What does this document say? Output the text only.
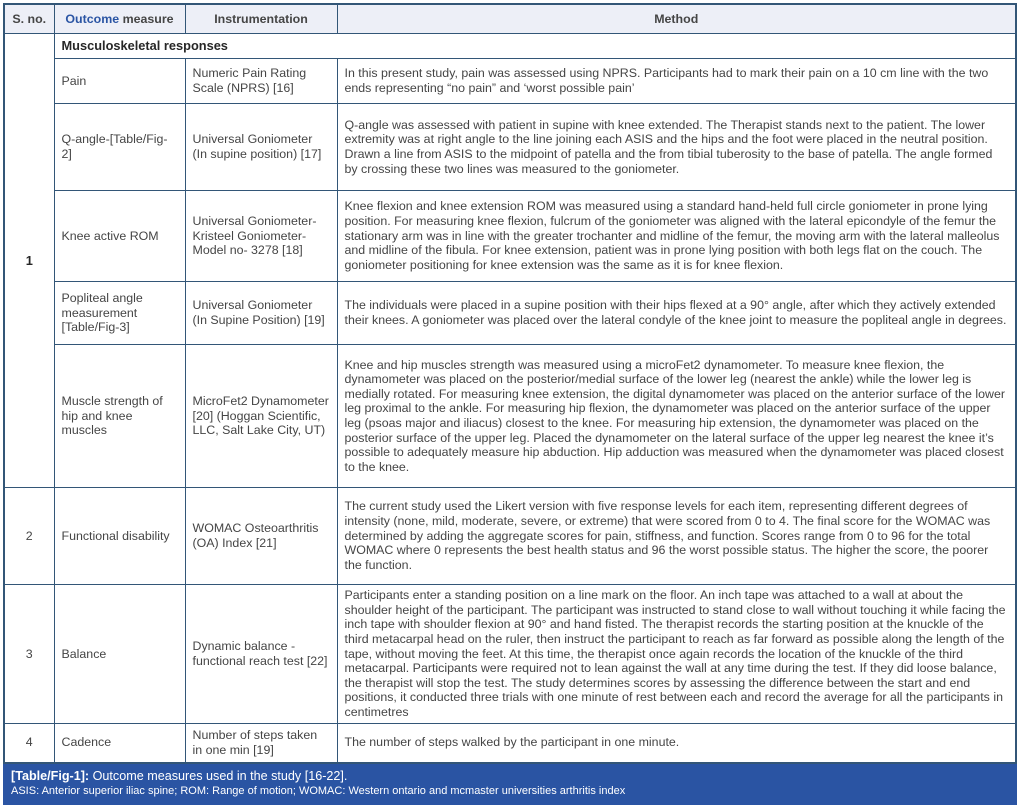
S. no.	Outcome measure	Instrumentation	Method
1	Musculoskeletal responses		
	Pain	Numeric Pain Rating Scale (NPRS) [16]	In this present study, pain was assessed using NPRS. Participants had to mark their pain on a 10 cm line with the two ends representing “no pain” and ‘worst possible pain’
	Q-angle-[Table/Fig-2]	Universal Goniometer (In supine position) [17]	Q-angle was assessed with patient in supine with knee extended. The Therapist stands next to the patient. The lower extremity was at right angle to the line joining each ASIS and the hips and the foot were placed in the neutral position. Drawn a line from ASIS to the midpoint of patella and the from tibial tuberosity to the base of patella. The angle formed by crossing these two lines was measured to the goniometer.
	Knee active ROM	Universal Goniometer- Kristeel Goniometer- Model no- 3278 [18]	Knee flexion and knee extension ROM was measured using a standard hand-held full circle goniometer in prone lying position. For measuring knee flexion, fulcrum of the goniometer was aligned with the lateral epicondyle of the femur the stationary arm was in line with the greater trochanter and midline of the femur, the moving arm with the lateral malleolus and midline of the fibula. For knee extension, patient was in prone lying position with both legs flat on the couch. The goniometer positioning for knee extension was the same as it is for knee flexion.
	Popliteal angle measurement [Table/Fig-3]	Universal Goniometer (In Supine Position) [19]	The individuals were placed in a supine position with their hips flexed at a 90° angle, after which they actively extended their knees. A goniometer was placed over the lateral condyle of the knee joint to measure the popliteal angle in degrees.
	Muscle strength of hip and knee muscles	MicroFet2 Dynamometer [20] (Hoggan Scientific, LLC, Salt Lake City, UT)	Knee and hip muscles strength was measured using a microFet2 dynamometer. To measure knee flexion, the dynamometer was placed on the posterior/medial surface of the lower leg (nearest the ankle) while the lower leg is medially rotated. For measuring knee extension, the digital dynamometer was placed on the anterior surface of the lower leg proximal to the ankle. For measuring hip flexion, the dynamometer was placed on the anterior surface of the upper leg (psoas major and iliacus) closest to the knee. For measuring hip extension, the dynamometer was placed on the posterior surface of the upper leg. Placed the dynamometer on the lateral surface of the upper leg nearest the knee it’s possible to adequately measure hip abduction. Hip adduction was measured when the dynamometer was placed closest to the knee.
2	Functional disability	WOMAC Osteoarthritis (OA) Index [21]	The current study used the Likert version with five response levels for each item, representing different degrees of intensity (none, mild, moderate, severe, or extreme) that were scored from 0 to 4. The final score for the WOMAC was determined by adding the aggregate scores for pain, stiffness, and function. Scores range from 0 to 96 for the total WOMAC where 0 represents the best health status and 96 the worst possible status. The higher the score, the poorer the function.
3	Balance	Dynamic balance -functional reach test [22]	Participants enter a standing position on a line mark on the floor. An inch tape was attached to a wall at about the shoulder height of the participant. The participant was instructed to stand close to wall without touching it while facing the inch tape with shoulder flexion at 90° and hand fisted. The therapist records the starting position at the knuckle of the third metacarpal head on the ruler, then instruct the participant to reach as far forward as possible along the length of the tape, without moving the feet. At this time, the therapist once again records the location of the knuckle of the third metacarpal. Participants were required not to lean against the wall at any time during the test. If they did loose balance, the therapist will stop the test. The study determines scores by assessing the difference between the start and end positions, it conducted three trials with one minute of rest between each and record the average for all the participants in centimetres
4	Cadence	Number of steps taken in one min [19]	The number of steps walked by the participant in one minute.
[Table/Fig-1]: Outcome measures used in the study [16-22].
ASIS: Anterior superior iliac spine; ROM: Range of motion; WOMAC: Western ontario and mcmaster universities arthritis index
